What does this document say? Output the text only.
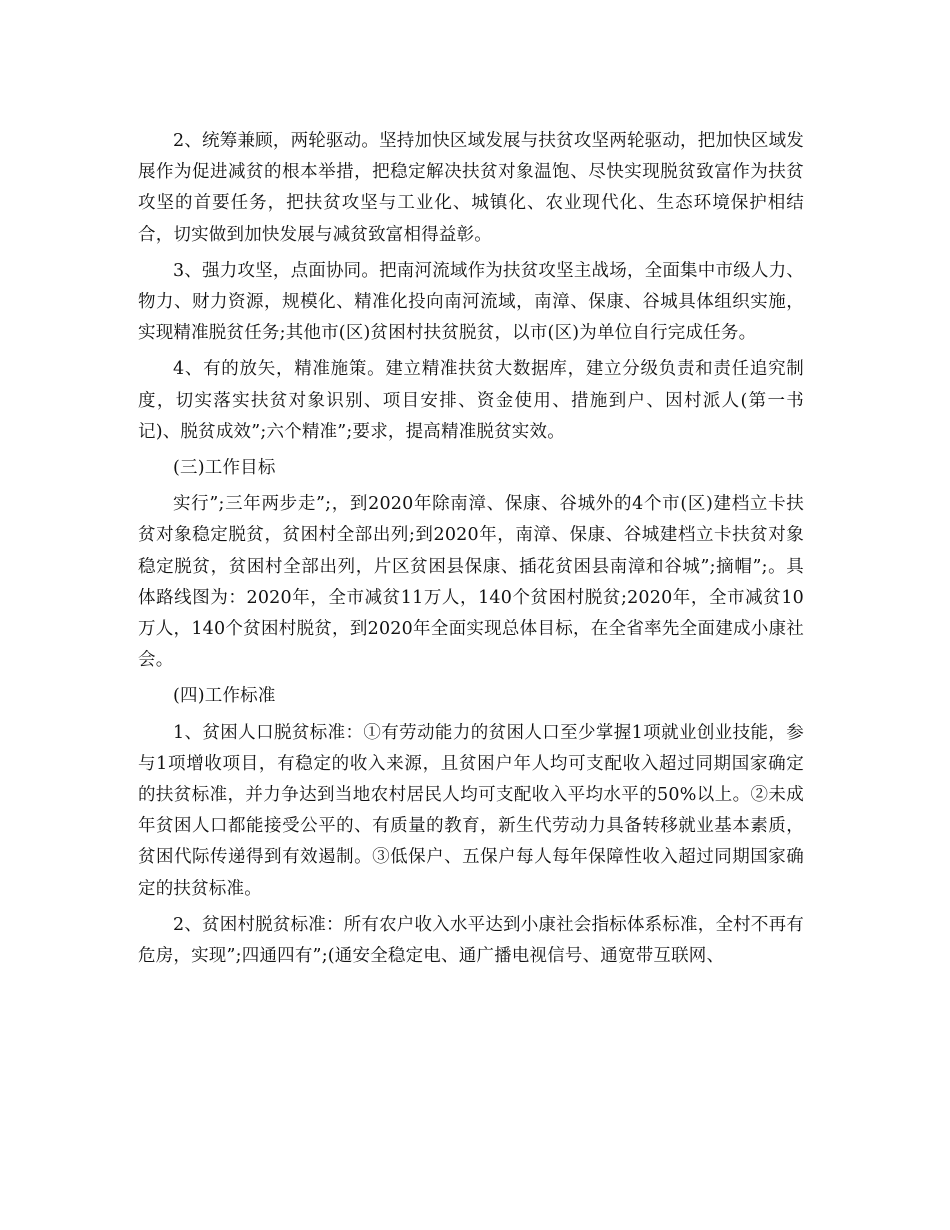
2、统筹兼顾，两轮驱动。坚持加快区域发展与扶贫攻坚两轮驱动，把加快区域发展作为促进减贫的根本举措，把稳定解决扶贫对象温饱、尽快实现脱贫致富作为扶贫攻坚的首要任务，把扶贫攻坚与工业化、城镇化、农业现代化、生态环境保护相结合，切实做到加快发展与减贫致富相得益彰。

3、强力攻坚，点面协同。把南河流域作为扶贫攻坚主战场，全面集中市级人力、物力、财力资源，规模化、精准化投向南河流域，南漳、保康、谷城具体组织实施，实现精准脱贫任务;其他市(区)贫困村扶贫脱贫，以市(区)为单位自行完成任务。

4、有的放矢，精准施策。建立精准扶贫大数据库，建立分级负责和责任追究制度，切实落实扶贫对象识别、项目安排、资金使用、措施到户、因村派人(第一书记)、脱贫成效”;六个精准”;要求，提高精准脱贫实效。

(三)工作目标

实行”;三年两步走”;，到2020年除南漳、保康、谷城外的4个市(区)建档立卡扶贫对象稳定脱贫，贫困村全部出列;到2020年，南漳、保康、谷城建档立卡扶贫对象稳定脱贫，贫困村全部出列，片区贫困县保康、插花贫困县南漳和谷城”;摘帽”;。具体路线图为：2020年，全市减贫11万人，140个贫困村脱贫;2020年，全市减贫10万人，140个贫困村脱贫，到2020年全面实现总体目标，在全省率先全面建成小康社会。

(四)工作标准

1、贫困人口脱贫标准：①有劳动能力的贫困人口至少掌握1项就业创业技能，参与1项增收项目，有稳定的收入来源，且贫困户年人均可支配收入超过同期国家确定的扶贫标准，并力争达到当地农村居民人均可支配收入平均水平的50%以上。②未成年贫困人口都能接受公平的、有质量的教育，新生代劳动力具备转移就业基本素质，贫困代际传递得到有效遏制。③低保户、五保户每人每年保障性收入超过同期国家确定的扶贫标准。

2、贫困村脱贫标准：所有农户收入水平达到小康社会指标体系标准，全村不再有危房，实现”;四通四有”;(通安全稳定电、通广播电视信号、通宽带互联网、
